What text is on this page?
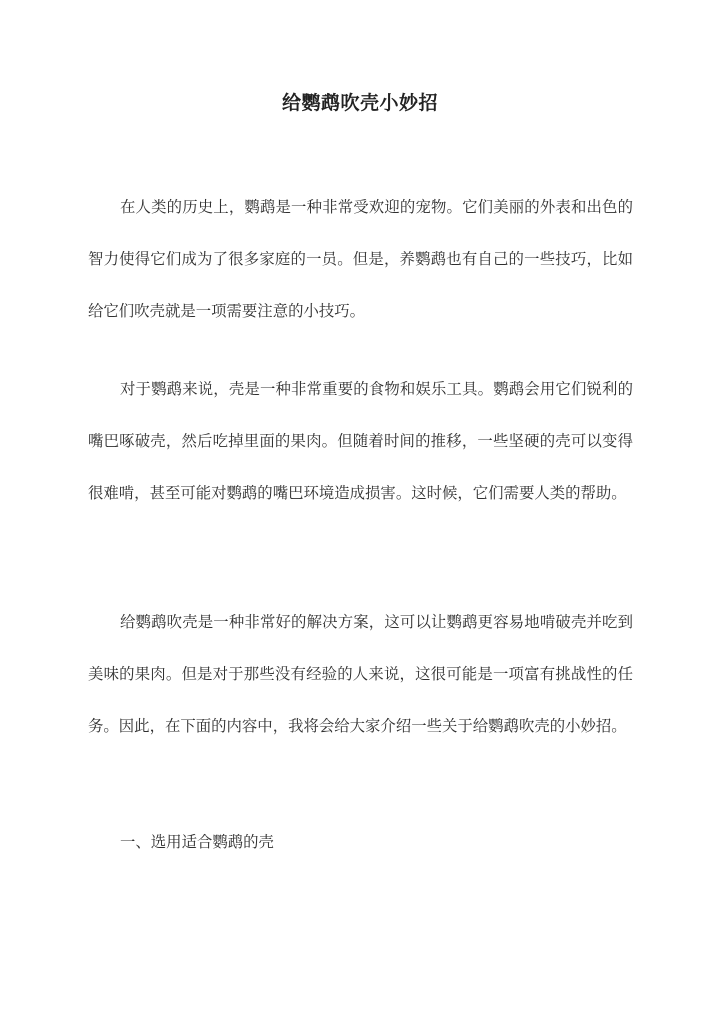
给鹦鹉吹壳小妙招

在人类的历史上，鹦鹉是一种非常受欢迎的宠物。它们美丽的外表和出色的智力使得它们成为了很多家庭的一员。但是，养鹦鹉也有自己的一些技巧，比如给它们吹壳就是一项需要注意的小技巧。

对于鹦鹉来说，壳是一种非常重要的食物和娱乐工具。鹦鹉会用它们锐利的嘴巴啄破壳，然后吃掉里面的果肉。但随着时间的推移，一些坚硬的壳可以变得很难啃，甚至可能对鹦鹉的嘴巴环境造成损害。这时候，它们需要人类的帮助。

给鹦鹉吹壳是一种非常好的解决方案，这可以让鹦鹉更容易地啃破壳并吃到美味的果肉。但是对于那些没有经验的人来说，这很可能是一项富有挑战性的任务。因此，在下面的内容中，我将会给大家介绍一些关于给鹦鹉吹壳的小妙招。

一、选用适合鹦鹉的壳
